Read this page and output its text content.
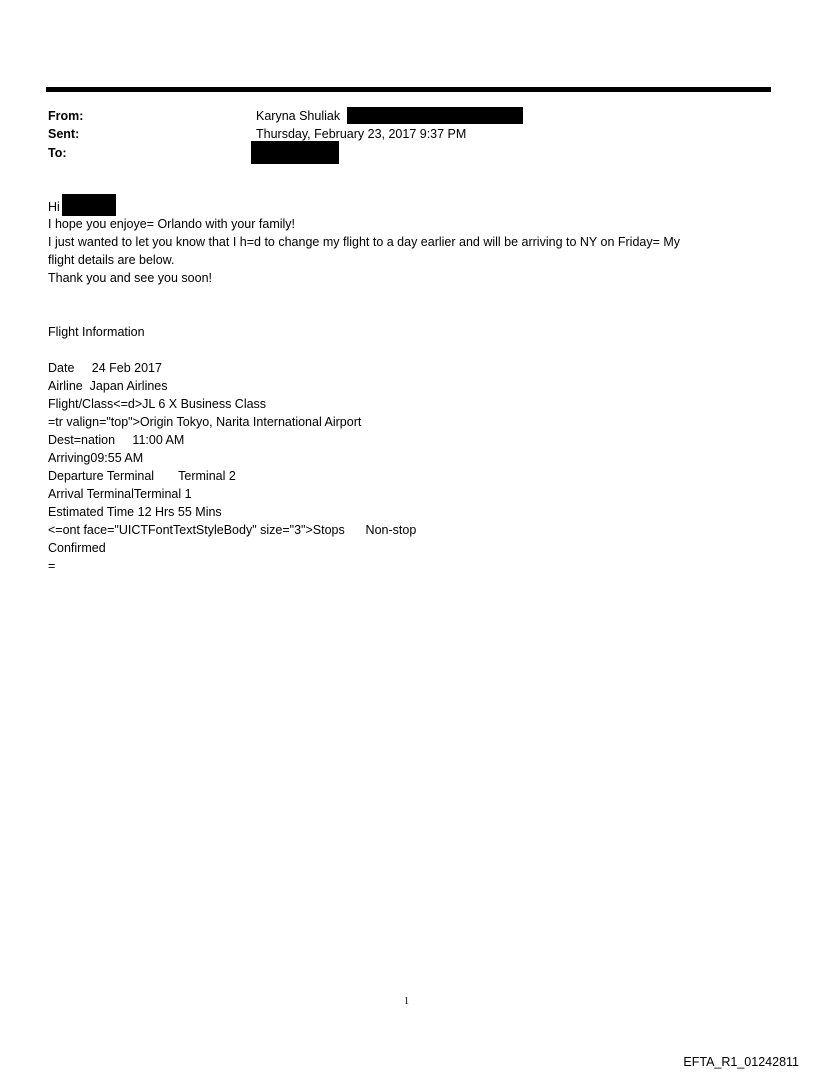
From:	Karyna Shuliak
Sent:	Thursday, February 23, 2017 9:37 PM
To:
Hi
I hope you enjoye= Orlando with your family!
I just wanted to let you know that I h=d to change my flight to a day earlier and will be arriving to NY on Friday= My
flight details are below.
Thank you and see you soon!
Flight Information
Date     24 Feb 2017
Airline  Japan Airlines
Flight/Class<=d>JL 6 X Business Class
=tr valign="top">Origin Tokyo, Narita International Airport
Dest=nation     11:00 AM
Arriving09:55 AM
Departure Terminal       Terminal 2
Arrival TerminalTerminal 1
Estimated Time 12 Hrs 55 Mins
<=ont face="UICTFontTextStyleBody" size="3">Stops      Non-stop
Confirmed
=
1
EFTA_R1_01242811
